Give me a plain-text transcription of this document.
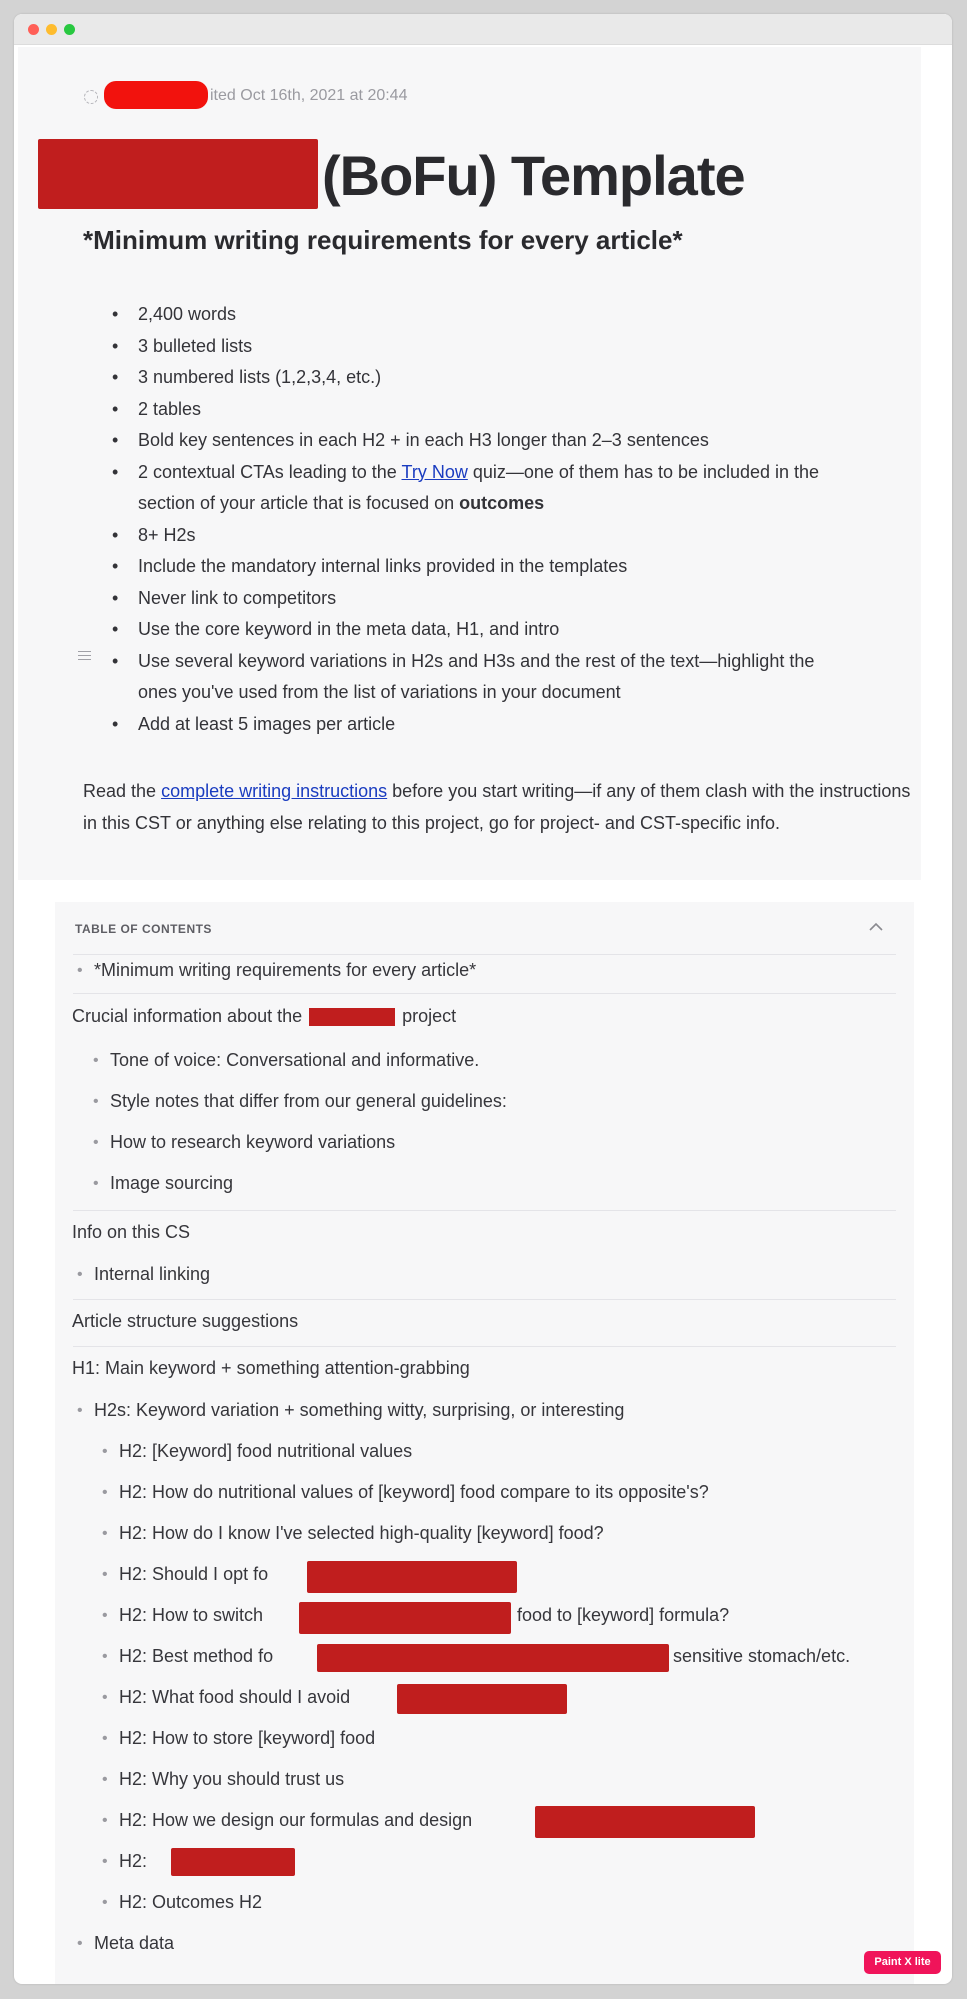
ited Oct 16th, 2021 at 20:44
(BoFu) Template
*Minimum writing requirements for every article*
• 2,400 words
• 3 bulleted lists
• 3 numbered lists (1,2,3,4, etc.)
• 2 tables
• Bold key sentences in each H2 + in each H3 longer than 2–3 sentences
• 2 contextual CTAs leading to the Try Now quiz—one of them has to be included in the
section of your article that is focused on outcomes
• 8+ H2s
• Include the mandatory internal links provided in the templates
• Never link to competitors
• Use the core keyword in the meta data, H1, and intro
• Use several keyword variations in H2s and H3s and the rest of the text—highlight the
ones you've used from the list of variations in your document
• Add at least 5 images per article
Read the complete writing instructions before you start writing—if any of them clash with the instructions in this CST or anything else relating to this project, go for project- and CST-specific info.
TABLE OF CONTENTS
• *Minimum writing requirements for every article*
Crucial information about the	project
• Tone of voice: Conversational and informative.
• Style notes that differ from our general guidelines:
• How to research keyword variations
• Image sourcing
Info on this CS
• Internal linking
Article structure suggestions
H1: Main keyword + something attention-grabbing
• H2s: Keyword variation + something witty, surprising, or interesting
• H2: [Keyword] food nutritional values
• H2: How do nutritional values of [keyword] food compare to its opposite's?
• H2: How do I know I've selected high-quality [keyword] food?
• H2: Should I opt fo
• H2: How to switch	food to [keyword] formula?
• H2: Best method fo	sensitive stomach/etc.
• H2: What food should I avoid
• H2: How to store [keyword] food
• H2: Why you should trust us
• H2: How we design our formulas and design
• H2:
• H2: Outcomes H2
• Meta data
Paint X lite
